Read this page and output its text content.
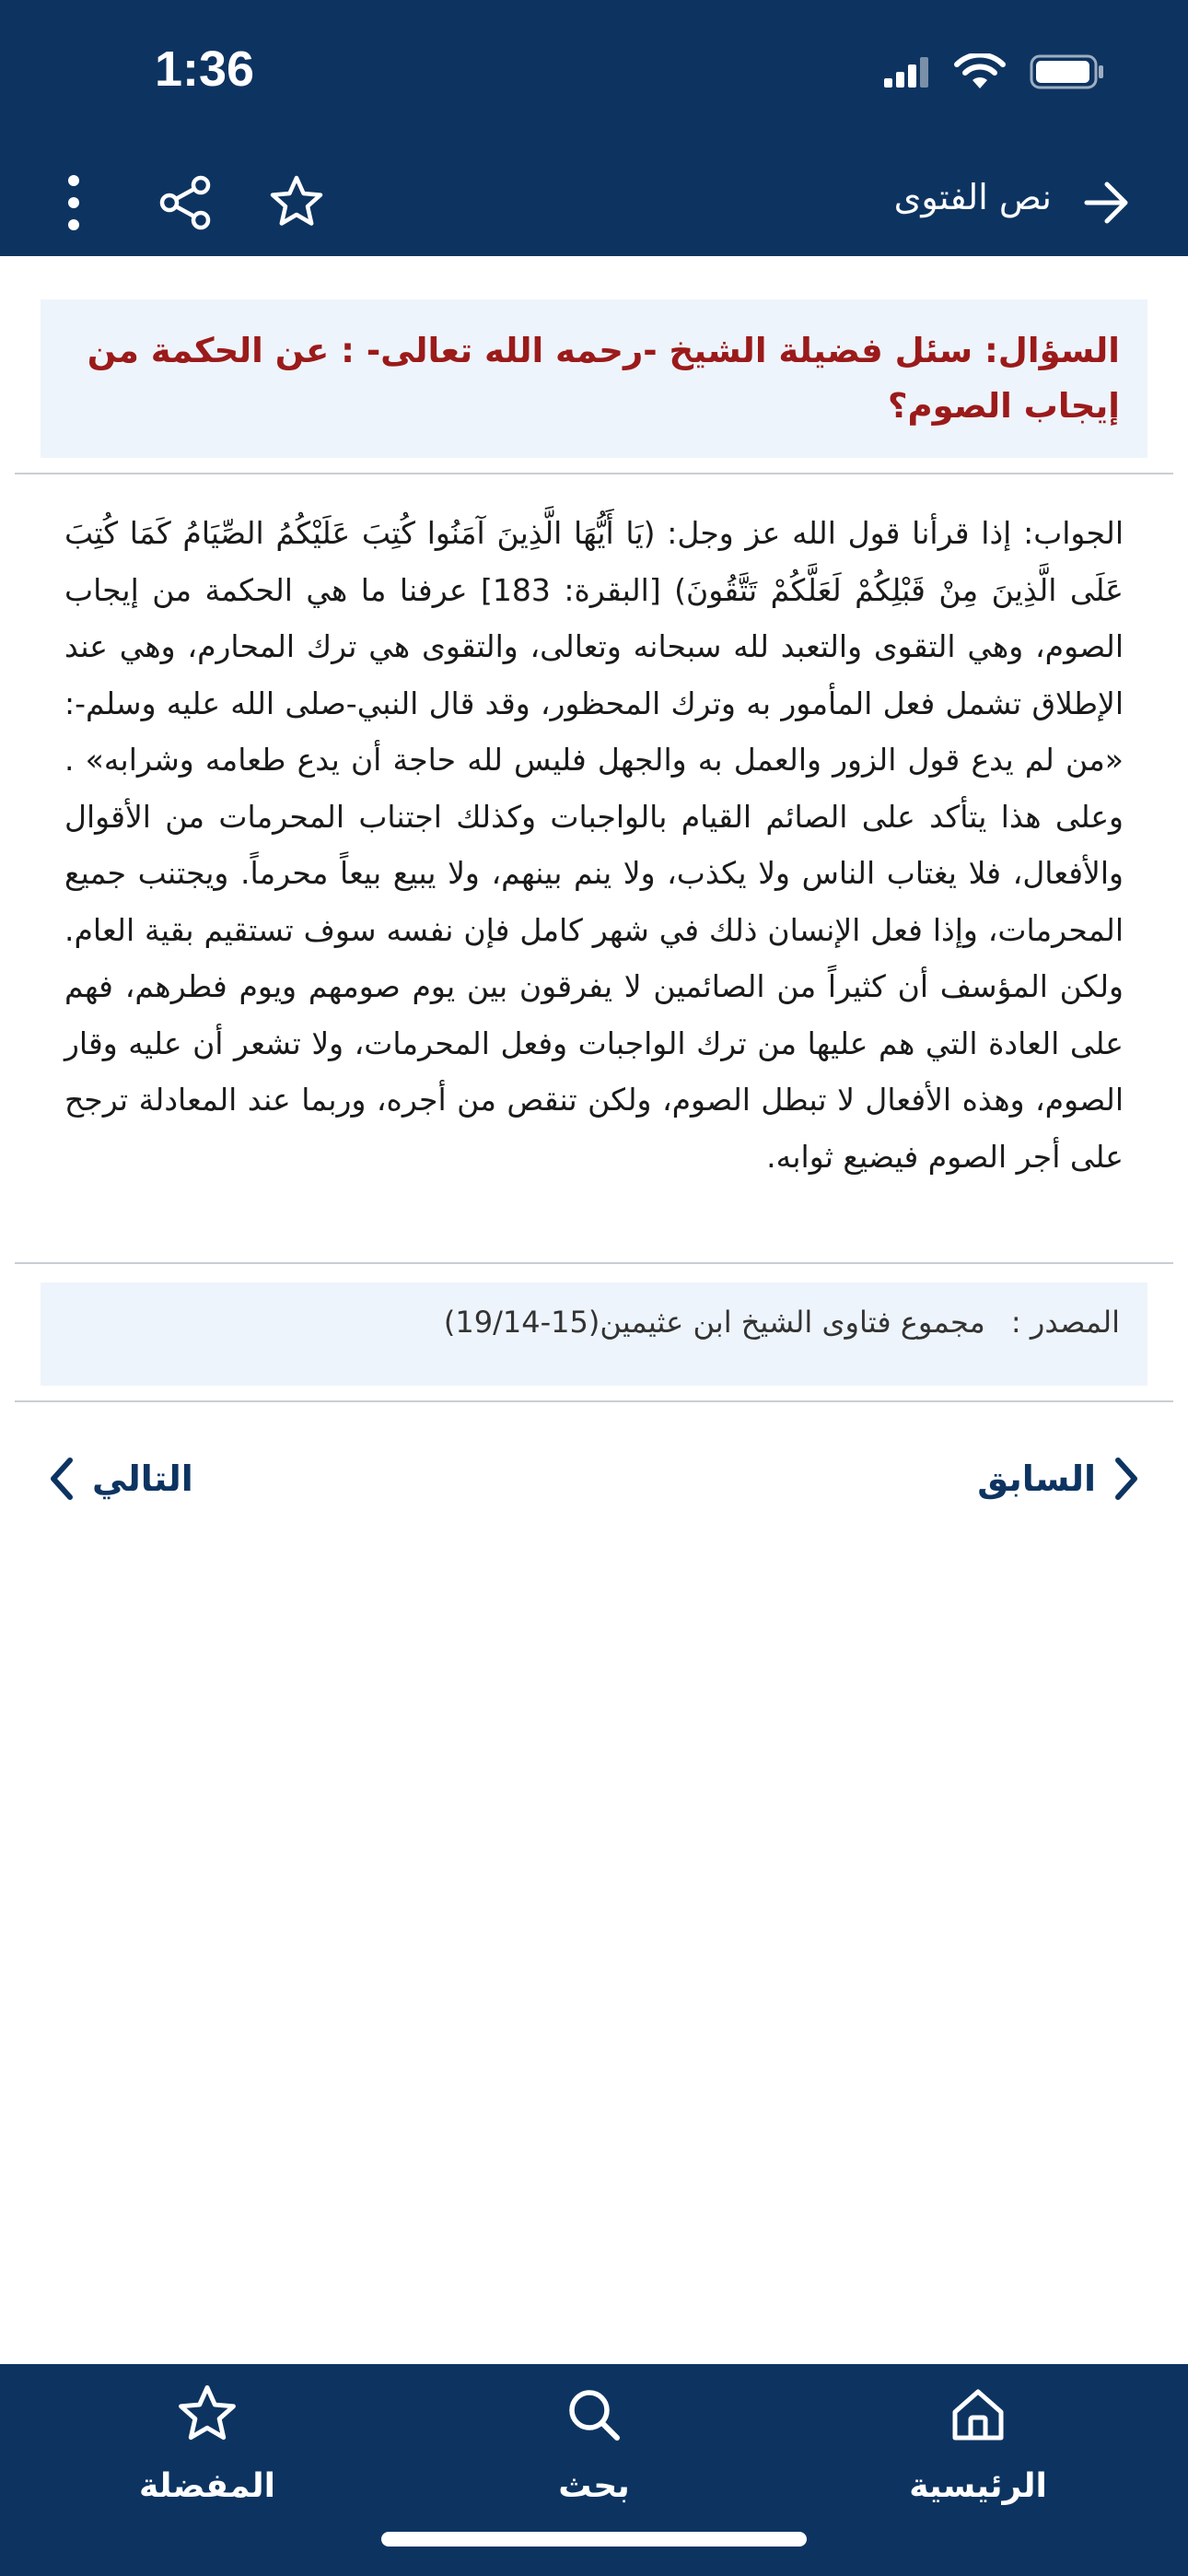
1:36
نص الفتوى
السؤال: سئل فضيلة الشيخ -رحمه الله تعالى- : عن الحكمة من إيجاب الصوم؟
الجواب: إذا قرأنا قول الله عز وجل: (يَا أَيُّهَا الَّذِينَ آمَنُوا كُتِبَ عَلَيْكُمُ الصِّيَامُ كَمَا كُتِبَ عَلَى الَّذِينَ مِنْ قَبْلِكُمْ لَعَلَّكُمْ تَتَّقُونَ) [البقرة: 183] عرفنا ما هي الحكمة من إيجاب الصوم، وهي التقوى والتعبد لله سبحانه وتعالى، والتقوى هي ترك المحارم، وهي عند الإطلاق تشمل فعل المأمور به وترك المحظور، وقد قال النبي-صلى الله عليه وسلم-: «من لم يدع قول الزور والعمل به والجهل فليس لله حاجة أن يدع طعامه وشرابه» . وعلى هذا يتأكد على الصائم القيام بالواجبات وكذلك اجتناب المحرمات من الأقوال والأفعال، فلا يغتاب الناس ولا يكذب، ولا ينم بينهم، ولا يبيع بيعاً محرماً. ويجتنب جميع المحرمات، وإذا فعل الإنسان ذلك في شهر كامل فإن نفسه سوف تستقيم بقية العام. ولكن المؤسف أن كثيراً من الصائمين لا يفرقون بين يوم صومهم ويوم فطرهم، فهم على العادة التي هم عليها من ترك الواجبات وفعل المحرمات، ولا تشعر أن عليه وقار الصوم، وهذه الأفعال لا تبطل الصوم، ولكن تنقص من أجره، وربما عند المعادلة ترجح على أجر الصوم فيضيع ثوابه.
المصدر : مجموع فتاوى الشيخ ابن عثيمين(15-19/14)
السابق
التالي
الرئيسية
بحث
المفضلة
